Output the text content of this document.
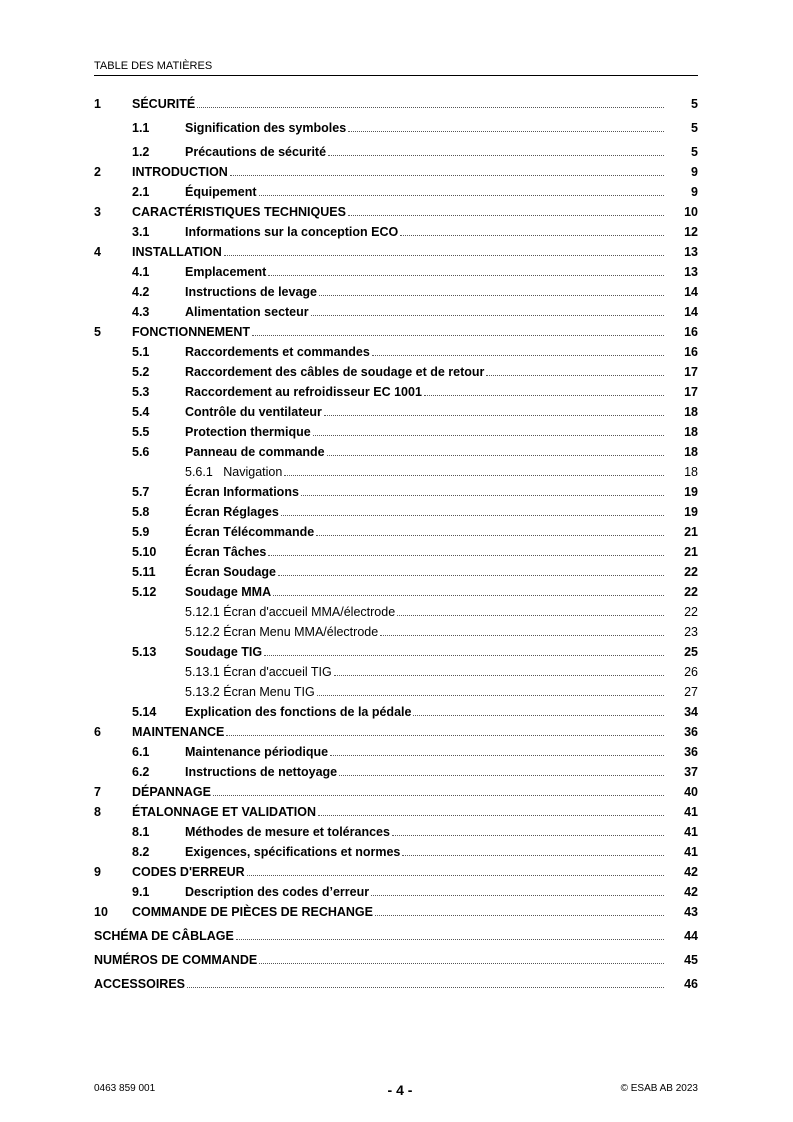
TABLE DES MATIÈRES
1 SÉCURITÉ	5
1.1	Signification des symboles	5
1.2	Précautions de sécurité	5
2 INTRODUCTION	9
2.1	Équipement	9
3 CARACTÉRISTIQUES TECHNIQUES	10
3.1	Informations sur la conception ECO	12
4 INSTALLATION	13
4.1	Emplacement	13
4.2	Instructions de levage	14
4.3	Alimentation secteur	14
5 FONCTIONNEMENT	16
5.1	Raccordements et commandes	16
5.2	Raccordement des câbles de soudage et de retour	17
5.3	Raccordement au refroidisseur EC 1001	17
5.4	Contrôle du ventilateur	18
5.5	Protection thermique	18
5.6	Panneau de commande	18
5.6.1 Navigation	18
5.7	Écran Informations	19
5.8	Écran Réglages	19
5.9	Écran Télécommande	21
5.10 Écran Tâches	21
5.11 Écran Soudage	22
5.12 Soudage MMA	22
5.12.1 Écran d'accueil MMA/électrode	22
5.12.2 Écran Menu MMA/électrode	23
5.13 Soudage TIG	25
5.13.1 Écran d'accueil TIG	26
5.13.2 Écran Menu TIG	27
5.14 Explication des fonctions de la pédale	34
6 MAINTENANCE	36
6.1	Maintenance périodique	36
6.2	Instructions de nettoyage	37
7 DÉPANNAGE	40
8 ÉTALONNAGE ET VALIDATION	41
8.1	Méthodes de mesure et tolérances	41
8.2	Exigences, spécifications et normes	41
9 CODES D'ERREUR	42
9.1	Description des codes d’erreur	42
10 COMMANDE DE PIÈCES DE RECHANGE	43
SCHÉMA DE CÂBLAGE	44
NUMÉROS DE COMMANDE	45
ACCESSOIRES	46
0463 859 001	- 4 -	© ESAB AB 2023
